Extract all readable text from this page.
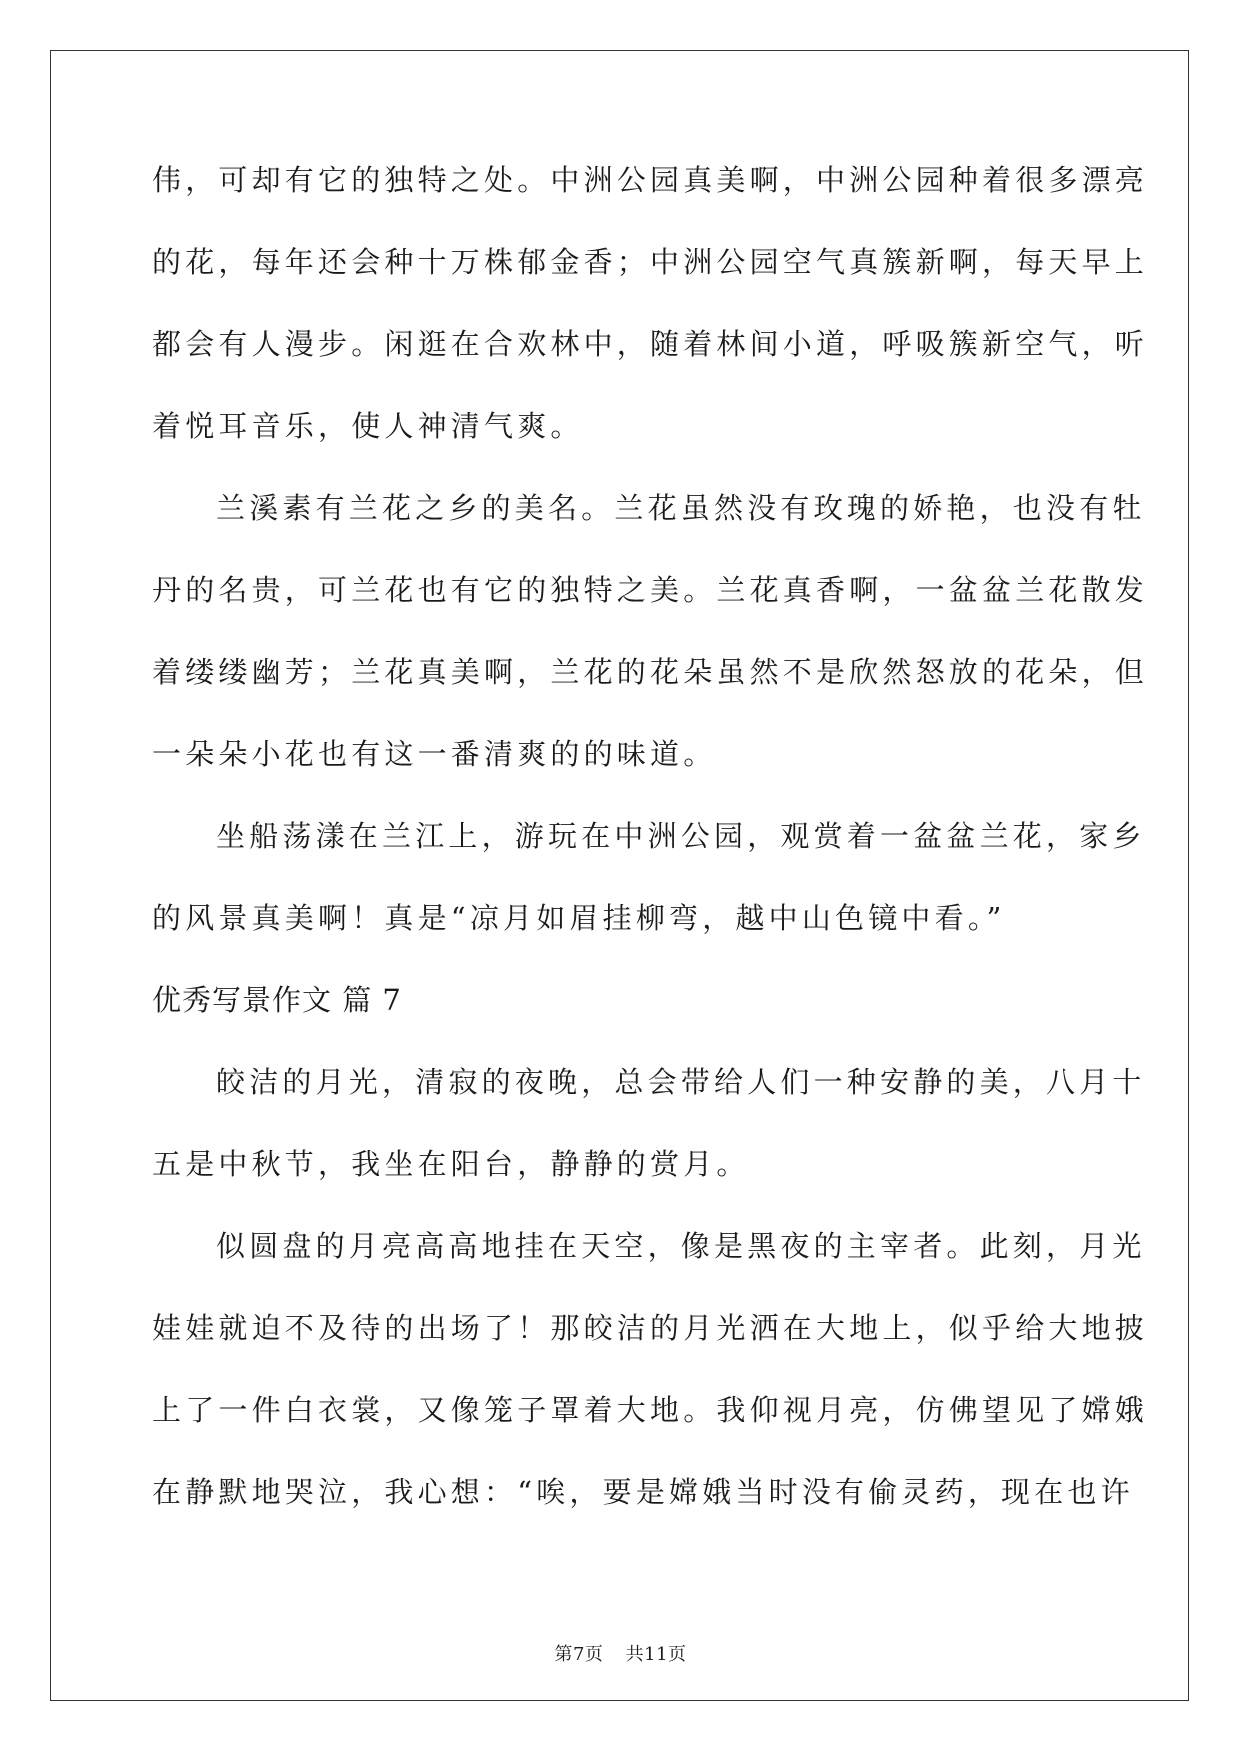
伟，可却有它的独特之处。中洲公园真美啊，中洲公园种着很多漂亮
的花，每年还会种十万株郁金香；中洲公园空气真簇新啊，每天早上
都会有人漫步。闲逛在合欢林中，随着林间小道，呼吸簇新空气，听
着悦耳音乐，使人神清气爽。
兰溪素有兰花之乡的美名。兰花虽然没有玫瑰的娇艳，也没有牡
丹的名贵，可兰花也有它的独特之美。兰花真香啊，一盆盆兰花散发
着缕缕幽芳；兰花真美啊，兰花的花朵虽然不是欣然怒放的花朵，但
一朵朵小花也有这一番清爽的的味道。
坐船荡漾在兰江上，游玩在中洲公园，观赏着一盆盆兰花，家乡
的风景真美啊！真是“凉月如眉挂柳弯，越中山色镜中看。”
优秀写景作文 篇 7
皎洁的月光，清寂的夜晚，总会带给人们一种安静的美，八月十
五是中秋节，我坐在阳台，静静的赏月。
似圆盘的月亮高高地挂在天空，像是黑夜的主宰者。此刻，月光
娃娃就迫不及待的出场了！那皎洁的月光洒在大地上，似乎给大地披
上了一件白衣裳，又像笼子罩着大地。我仰视月亮，仿佛望见了嫦娥
在静默地哭泣，我心想：“唉，要是嫦娥当时没有偷灵药，现在也许
第7页 共11页
